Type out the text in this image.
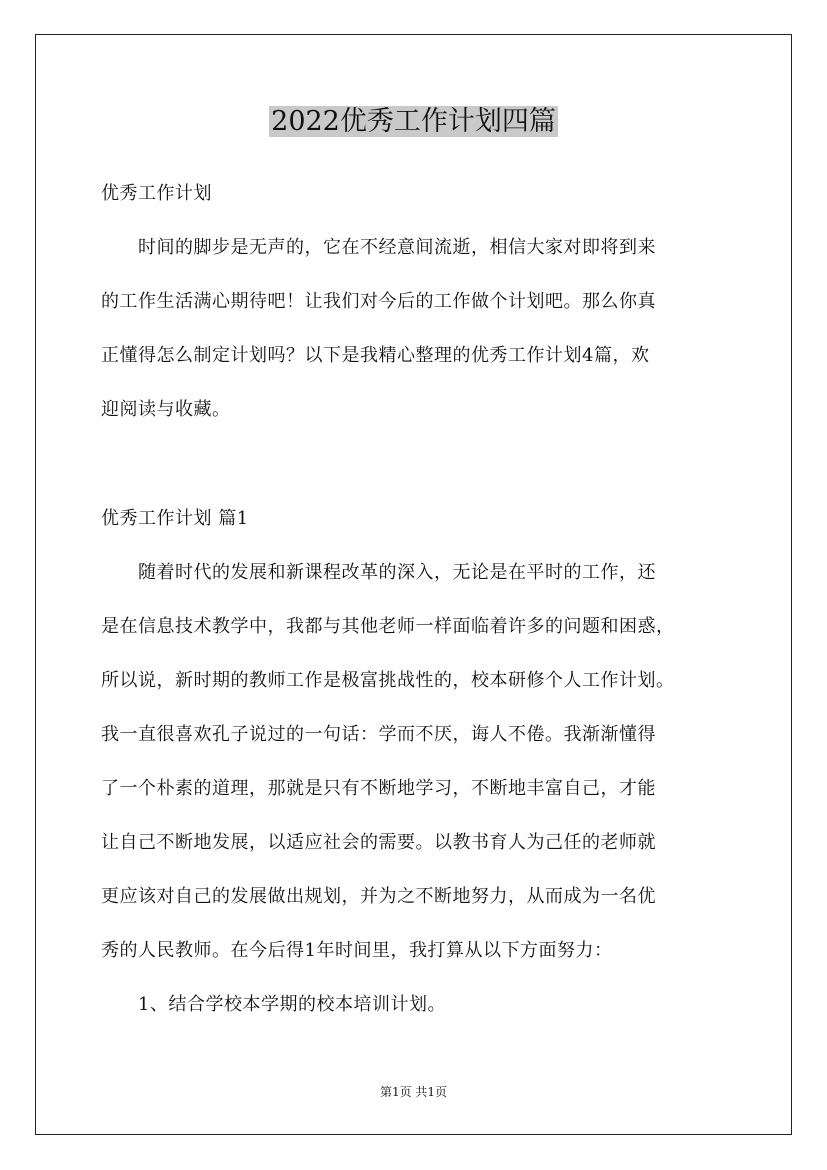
2022优秀工作计划四篇
优秀工作计划
时间的脚步是无声的，它在不经意间流逝，相信大家对即将到来
的工作生活满心期待吧！让我们对今后的工作做个计划吧。那么你真
正懂得怎么制定计划吗？以下是我精心整理的优秀工作计划4篇，欢
迎阅读与收藏。
优秀工作计划 篇1
随着时代的发展和新课程改革的深入，无论是在平时的工作，还
是在信息技术教学中，我都与其他老师一样面临着许多的问题和困惑，
所以说，新时期的教师工作是极富挑战性的，校本研修个人工作计划。
我一直很喜欢孔子说过的一句话：学而不厌，诲人不倦。我渐渐懂得
了一个朴素的道理，那就是只有不断地学习，不断地丰富自己，才能
让自己不断地发展，以适应社会的需要。以教书育人为己任的老师就
更应该对自己的发展做出规划，并为之不断地努力，从而成为一名优
秀的人民教师。在今后得1年时间里，我打算从以下方面努力：
1、结合学校本学期的校本培训计划。
第1页 共1页
